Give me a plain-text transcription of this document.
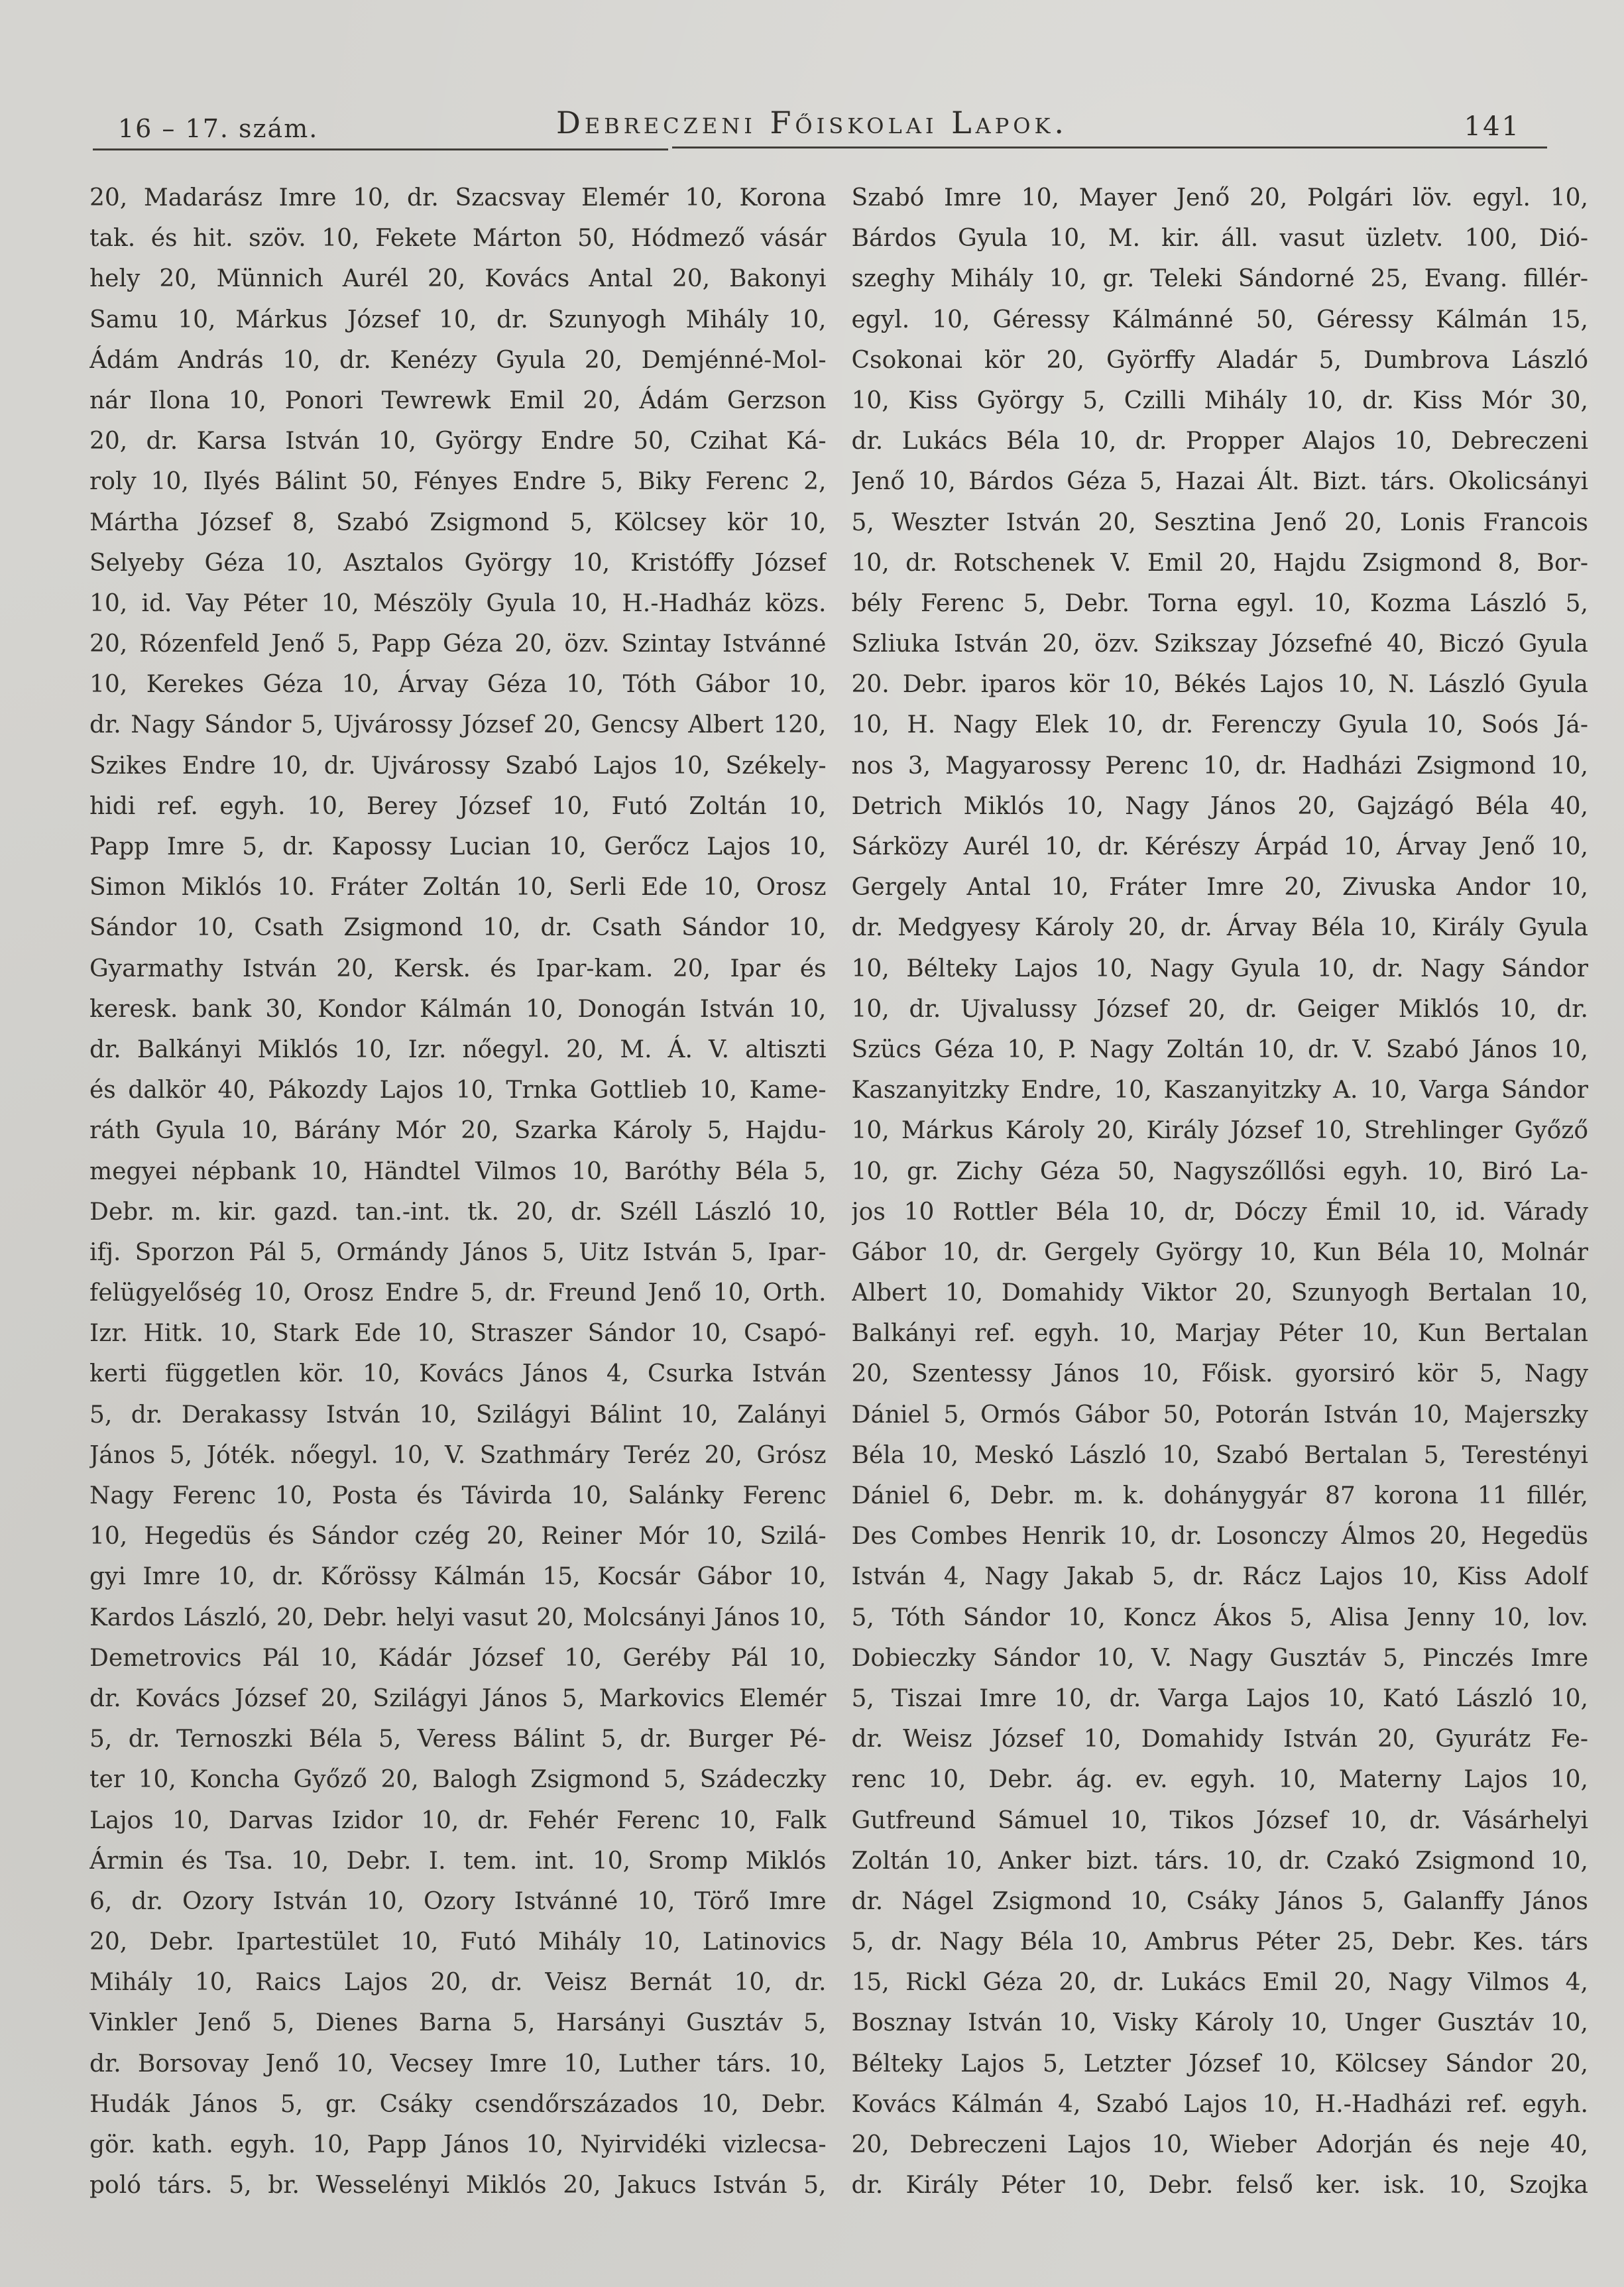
16 – 17. szám.	Debreczeni Főiskolai Lapok.	141
20, Madarász Imre 10, dr. Szacsvay Elemér 10, Korona
tak. és hit. szöv. 10, Fekete Márton 50, Hódmező vásár
hely 20, Münnich Aurél 20, Kovács Antal 20, Bakonyi
Samu 10, Márkus József 10, dr. Szunyogh Mihály 10,
Ádám András 10, dr. Kenézy Gyula 20, Demjénné-Mol-
nár Ilona 10, Ponori Tewrewk Emil 20, Ádám Gerzson
20, dr. Karsa István 10, György Endre 50, Czihat Ká-
roly 10, Ilyés Bálint 50, Fényes Endre 5, Biky Ferenc 2,
Mártha József 8, Szabó Zsigmond 5, Kölcsey kör 10,
Selyeby Géza 10, Asztalos György 10, Kristóffy József
10, id. Vay Péter 10, Mészöly Gyula 10, H.-Hadház közs.
20, Rózenfeld Jenő 5, Papp Géza 20, özv. Szintay Istvánné
10, Kerekes Géza 10, Árvay Géza 10, Tóth Gábor 10,
dr. Nagy Sándor 5, Ujvárossy József 20, Gencsy Albert 120,
Szikes Endre 10, dr. Ujvárossy Szabó Lajos 10, Székely-
hidi ref. egyh. 10, Berey József 10, Futó Zoltán 10,
Papp Imre 5, dr. Kapossy Lucian 10, Gerőcz Lajos 10,
Simon Miklós 10. Fráter Zoltán 10, Serli Ede 10, Orosz
Sándor 10, Csath Zsigmond 10, dr. Csath Sándor 10,
Gyarmathy István 20, Kersk. és Ipar-kam. 20, Ipar és
keresk. bank 30, Kondor Kálmán 10, Donogán István 10,
dr. Balkányi Miklós 10, Izr. nőegyl. 20, M. Á. V. altiszti
és dalkör 40, Pákozdy Lajos 10, Trnka Gottlieb 10, Kame-
ráth Gyula 10, Bárány Mór 20, Szarka Károly 5, Hajdu-
megyei népbank 10, Händtel Vilmos 10, Baróthy Béla 5,
Debr. m. kir. gazd. tan.-int. tk. 20, dr. Széll László 10,
ifj. Sporzon Pál 5, Ormándy János 5, Uitz István 5, Ipar-
felügyelőség 10, Orosz Endre 5, dr. Freund Jenő 10, Orth.
Izr. Hitk. 10, Stark Ede 10, Straszer Sándor 10, Csapó-
kerti független kör. 10, Kovács János 4, Csurka István
5, dr. Derakassy István 10, Szilágyi Bálint 10, Zalányi
János 5, Jóték. nőegyl. 10, V. Szathmáry Teréz 20, Grósz
Nagy Ferenc 10, Posta és Távirda 10, Salánky Ferenc
10, Hegedüs és Sándor czég 20, Reiner Mór 10, Szilá-
gyi Imre 10, dr. Kőrössy Kálmán 15, Kocsár Gábor 10,
Kardos László, 20, Debr. helyi vasut 20, Molcsányi János 10,
Demetrovics Pál 10, Kádár József 10, Geréby Pál 10,
dr. Kovács József 20, Szilágyi János 5, Markovics Elemér
5, dr. Ternoszki Béla 5, Veress Bálint 5, dr. Burger Pé-
ter 10, Koncha Győző 20, Balogh Zsigmond 5, Szádeczky
Lajos 10, Darvas Izidor 10, dr. Fehér Ferenc 10, Falk
Ármin és Tsa. 10, Debr. I. tem. int. 10, Sromp Miklós
6, dr. Ozory István 10, Ozory Istvánné 10, Törő Imre
20, Debr. Ipartestület 10, Futó Mihály 10, Latinovics
Mihály 10, Raics Lajos 20, dr. Veisz Bernát 10, dr.
Vinkler Jenő 5, Dienes Barna 5, Harsányi Gusztáv 5,
dr. Borsovay Jenő 10, Vecsey Imre 10, Luther társ. 10,
Hudák János 5, gr. Csáky csendőrszázados 10, Debr.
gör. kath. egyh. 10, Papp János 10, Nyirvidéki vizlecsa-
poló társ. 5, br. Wesselényi Miklós 20, Jakucs István 5,
Szabó Imre 10, Mayer Jenő 20, Polgári löv. egyl. 10,
Bárdos Gyula 10, M. kir. áll. vasut üzletv. 100, Dió-
szeghy Mihály 10, gr. Teleki Sándorné 25, Evang. fillér-
egyl. 10, Géressy Kálmánné 50, Géressy Kálmán 15,
Csokonai kör 20, Györffy Aladár 5, Dumbrova László
10, Kiss György 5, Czilli Mihály 10, dr. Kiss Mór 30,
dr. Lukács Béla 10, dr. Propper Alajos 10, Debreczeni
Jenő 10, Bárdos Géza 5, Hazai Ált. Bizt. társ. Okolicsányi
5, Weszter István 20, Sesztina Jenő 20, Lonis Francois
10, dr. Rotschenek V. Emil 20, Hajdu Zsigmond 8, Bor-
bély Ferenc 5, Debr. Torna egyl. 10, Kozma László 5,
Szliuka István 20, özv. Szikszay Józsefné 40, Biczó Gyula
20. Debr. iparos kör 10, Békés Lajos 10, N. László Gyula
10, H. Nagy Elek 10, dr. Ferenczy Gyula 10, Soós Já-
nos 3, Magyarossy Perenc 10, dr. Hadházi Zsigmond 10,
Detrich Miklós 10, Nagy János 20, Gajzágó Béla 40,
Sárközy Aurél 10, dr. Kérészy Árpád 10, Árvay Jenő 10,
Gergely Antal 10, Fráter Imre 20, Zivuska Andor 10,
dr. Medgyesy Károly 20, dr. Árvay Béla 10, Király Gyula
10, Bélteky Lajos 10, Nagy Gyula 10, dr. Nagy Sándor
10, dr. Ujvalussy József 20, dr. Geiger Miklós 10, dr.
Szücs Géza 10, P. Nagy Zoltán 10, dr. V. Szabó János 10,
Kaszanyitzky Endre, 10, Kaszanyitzky A. 10, Varga Sándor
10, Márkus Károly 20, Király József 10, Strehlinger Győző
10, gr. Zichy Géza 50, Nagyszőllősi egyh. 10, Biró La-
jos 10 Rottler Béla 10, dr, Dóczy Émil 10, id. Várady
Gábor 10, dr. Gergely György 10, Kun Béla 10, Molnár
Albert 10, Domahidy Viktor 20, Szunyogh Bertalan 10,
Balkányi ref. egyh. 10, Marjay Péter 10, Kun Bertalan
20, Szentessy János 10, Főisk. gyorsiró kör 5, Nagy
Dániel 5, Ormós Gábor 50, Potorán István 10, Majerszky
Béla 10, Meskó László 10, Szabó Bertalan 5, Terestényi
Dániel 6, Debr. m. k. dohánygyár 87 korona 11 fillér,
Des Combes Henrik 10, dr. Losonczy Álmos 20, Hegedüs
István 4, Nagy Jakab 5, dr. Rácz Lajos 10, Kiss Adolf
5, Tóth Sándor 10, Koncz Ákos 5, Alisa Jenny 10, lov.
Dobieczky Sándor 10, V. Nagy Gusztáv 5, Pinczés Imre
5, Tiszai Imre 10, dr. Varga Lajos 10, Kató László 10,
dr. Weisz József 10, Domahidy István 20, Gyurátz Fe-
renc 10, Debr. ág. ev. egyh. 10, Materny Lajos 10,
Gutfreund Sámuel 10, Tikos József 10, dr. Vásárhelyi
Zoltán 10, Anker bizt. társ. 10, dr. Czakó Zsigmond 10,
dr. Nágel Zsigmond 10, Csáky János 5, Galanffy János
5, dr. Nagy Béla 10, Ambrus Péter 25, Debr. Kes. társ
15, Rickl Géza 20, dr. Lukács Emil 20, Nagy Vilmos 4,
Bosznay István 10, Visky Károly 10, Unger Gusztáv 10,
Bélteky Lajos 5, Letzter József 10, Kölcsey Sándor 20,
Kovács Kálmán 4, Szabó Lajos 10, H.-Hadházi ref. egyh.
20, Debreczeni Lajos 10, Wieber Adorján és neje 40,
dr. Király Péter 10, Debr. felső ker. isk. 10, Szojka
